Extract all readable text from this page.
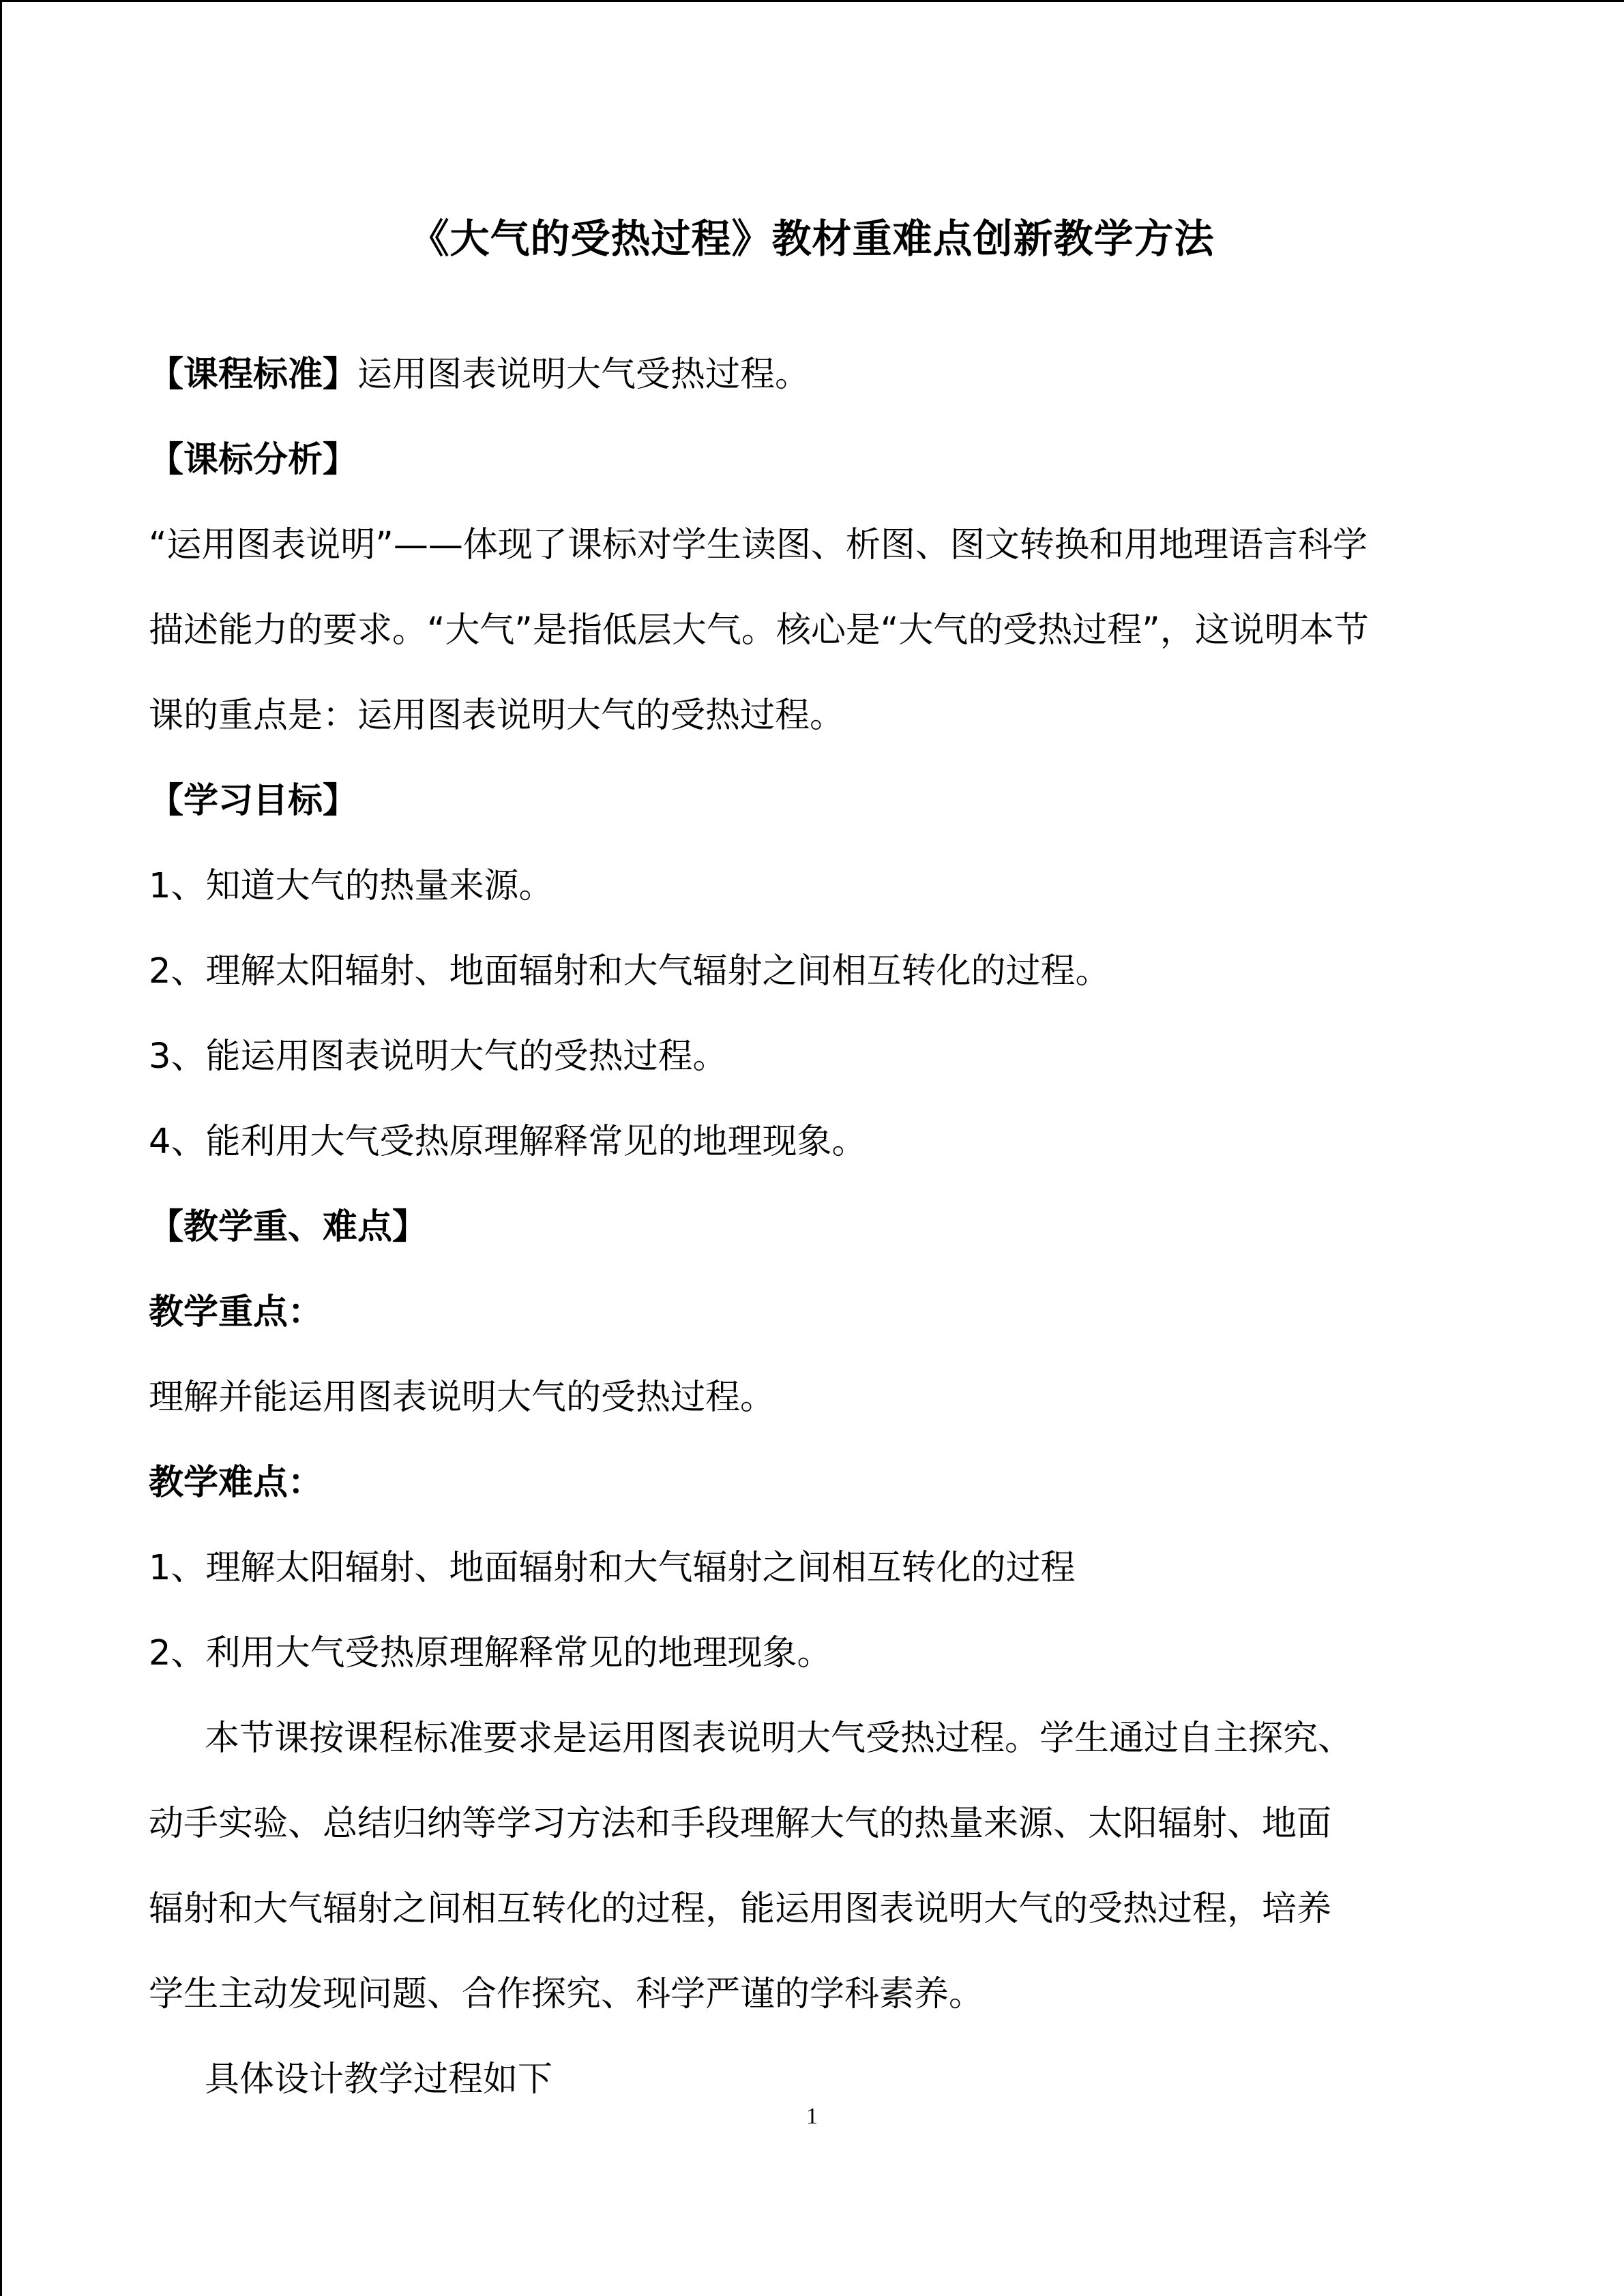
《大气的受热过程》教材重难点创新教学方法
【课程标准】运用图表说明大气受热过程。
【课标分析】
“运用图表说明”——体现了课标对学生读图、析图、图文转换和用地理语言科学
描述能力的要求。“大气”是指低层大气。核心是“大气的受热过程”，这说明本节
课的重点是：运用图表说明大气的受热过程。
【学习目标】
1、知道大气的热量来源。
2、理解太阳辐射、地面辐射和大气辐射之间相互转化的过程。
3、能运用图表说明大气的受热过程。
4、能利用大气受热原理解释常见的地理现象。
【教学重、难点】
教学重点：
理解并能运用图表说明大气的受热过程。
教学难点：
1、理解太阳辐射、地面辐射和大气辐射之间相互转化的过程
2、利用大气受热原理解释常见的地理现象。
本节课按课程标准要求是运用图表说明大气受热过程。学生通过自主探究、
动手实验、总结归纳等学习方法和手段理解大气的热量来源、太阳辐射、地面
辐射和大气辐射之间相互转化的过程，能运用图表说明大气的受热过程，培养
学生主动发现问题、合作探究、科学严谨的学科素养。
具体设计教学过程如下
1
